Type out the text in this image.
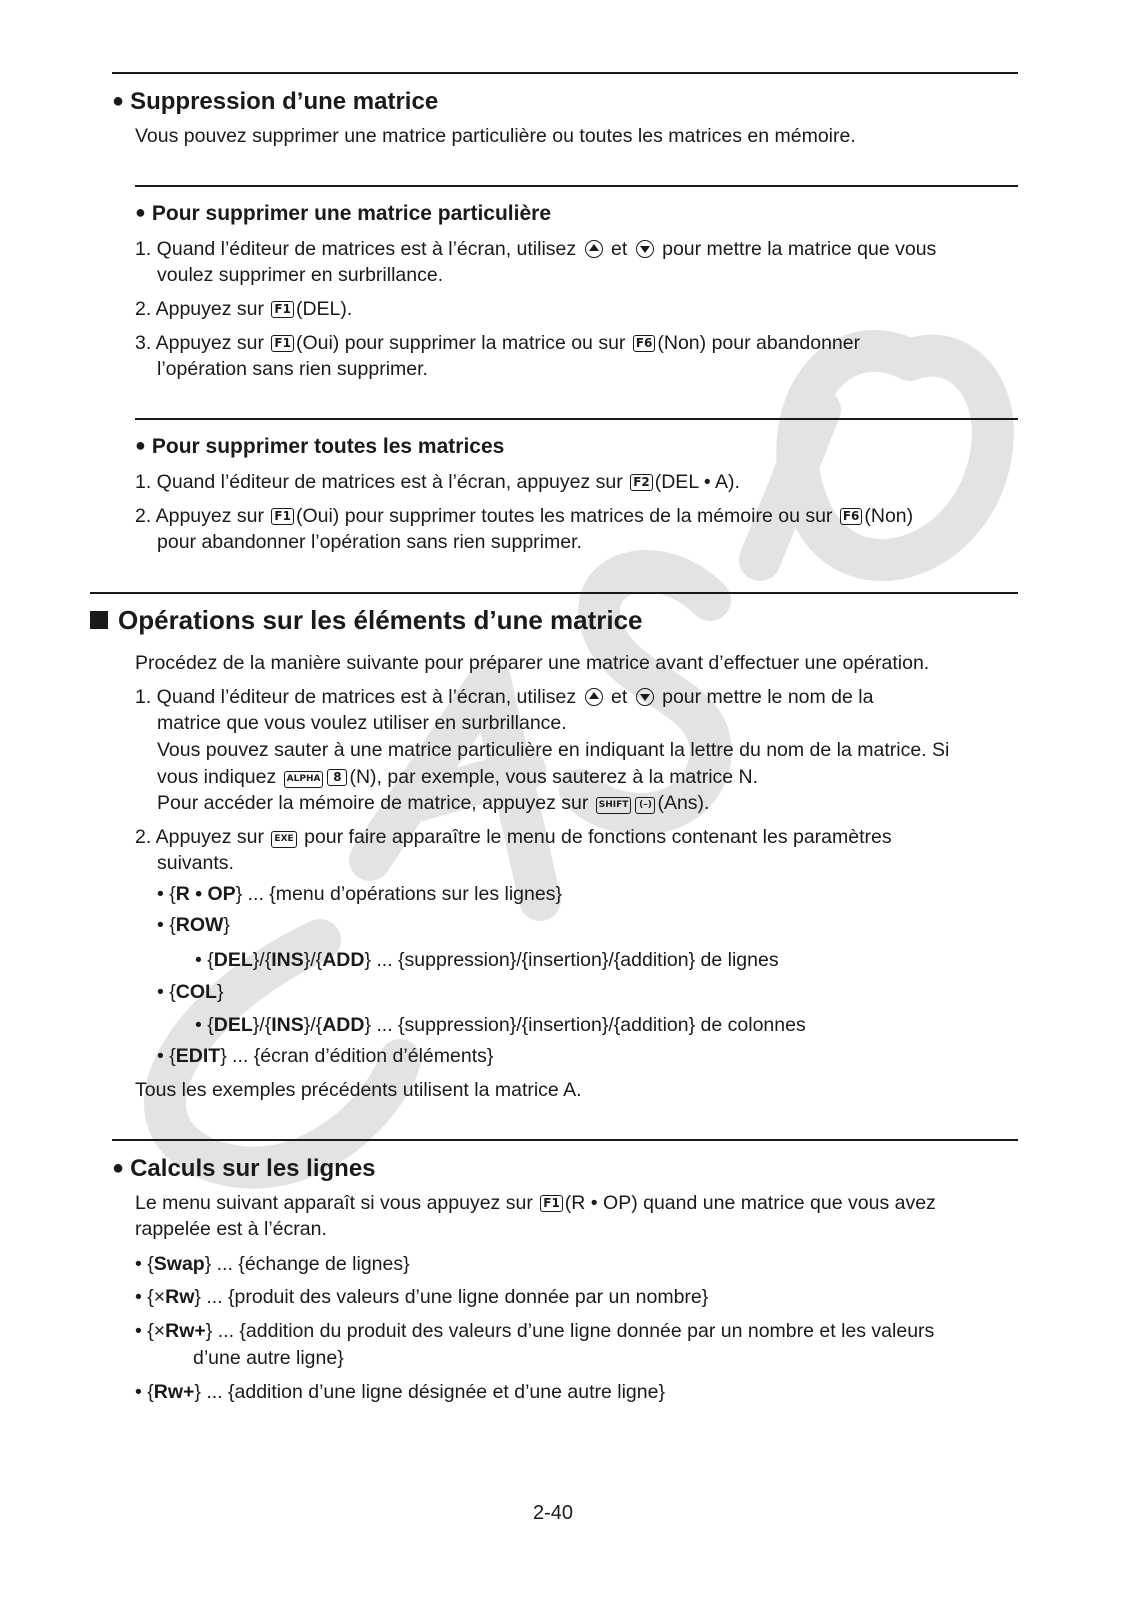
● Suppression d’une matrice
Vous pouvez supprimer une matrice particulière ou toutes les matrices en mémoire.
● Pour supprimer une matrice particulière
1. Quand l’éditeur de matrices est à l’écran, utilisez et pour mettre la matrice que vous
voulez supprimer en surbrillance.
2. Appuyez sur F1 (DEL).
3. Appuyez sur F1 (Oui) pour supprimer la matrice ou sur F6 (Non) pour abandonner
l’opération sans rien supprimer.
● Pour supprimer toutes les matrices
1. Quand l’éditeur de matrices est à l’écran, appuyez sur F2 (DEL • A).
2. Appuyez sur F1 (Oui) pour supprimer toutes les matrices de la mémoire ou sur F6 (Non)
pour abandonner l’opération sans rien supprimer.
Opérations sur les éléments d’une matrice
Procédez de la manière suivante pour préparer une matrice avant d’effectuer une opération.
1. Quand l’éditeur de matrices est à l’écran, utilisez et pour mettre le nom de la
matrice que vous voulez utiliser en surbrillance.
Vous pouvez sauter à une matrice particulière en indiquant la lettre du nom de la matrice. Si
vous indiquez ALPHA 8 (N), par exemple, vous sauterez à la matrice N.
Pour accéder la mémoire de matrice, appuyez sur SHIFT (–) (Ans).
2. Appuyez sur EXE pour faire apparaître le menu de fonctions contenant les paramètres
suivants.
• {R • OP} ... {menu d’opérations sur les lignes}
• {ROW}
• {DEL}/{INS}/{ADD} ... {suppression}/{insertion}/{addition} de lignes
• {COL}
• {DEL}/{INS}/{ADD} ... {suppression}/{insertion}/{addition} de colonnes
• {EDIT} ... {écran d’édition d’éléments}
Tous les exemples précédents utilisent la matrice A.
● Calculs sur les lignes
Le menu suivant apparaît si vous appuyez sur F1 (R • OP) quand une matrice que vous avez
rappelée est à l’écran.
• {Swap} ... {échange de lignes}
• {×Rw} ... {produit des valeurs d’une ligne donnée par un nombre}
• {×Rw+} ... {addition du produit des valeurs d’une ligne donnée par un nombre et les valeurs
d’une autre ligne}
• {Rw+} ... {addition d’une ligne désignée et d’une autre ligne}
2-40
